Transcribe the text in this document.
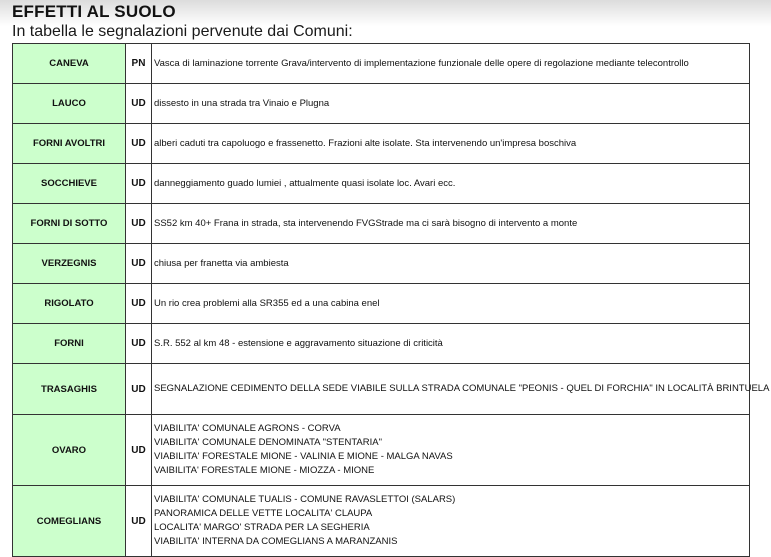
EFFETTI AL SUOLO
In tabella le segnalazioni pervenute dai Comuni:
CANEVA	PN	Vasca di laminazione torrente Grava/intervento di implementazione funzionale delle opere di regolazione mediante telecontrollo

LAUCO	UD	dissesto in una strada tra Vinaio e Plugna

FORNI AVOLTRI	UD	alberi caduti tra capoluogo e frassenetto. Frazioni alte isolate. Sta intervenendo un'impresa boschiva

SOCCHIEVE	UD	danneggiamento guado lumiei , attualmente quasi isolate loc. Avari ecc.

FORNI DI SOTTO	UD	SS52 km 40+ Frana in strada, sta intervenendo FVGStrade ma ci sarà bisogno di intervento a monte

VERZEGNIS	UD	chiusa per franetta via ambiesta

RIGOLATO	UD	Un rio crea problemi alla SR355 ed a una cabina enel

FORNI	UD	S.R. 552 al km 48 - estensione e aggravamento situazione di criticità

TRASAGHIS	UD	SEGNALAZIONE CEDIMENTO DELLA SEDE VIABILE SULLA STRADA COMUNALE "PEONIS - QUEL DI FORCHIA" IN LOCALITÀ BRINTUELA

OVARO	UD	VIABILITA' COMUNALE AGRONS - CORVA
VIABILITA' COMUNALE DENOMINATA "STENTARIA"
VIABILITA' FORESTALE MIONE - VALINIA E MIONE - MALGA NAVAS
VAIBILITA' FORESTALE MIONE - MIOZZA - MIONE

COMEGLIANS	UD	VIABILITA' COMUNALE TUALIS - COMUNE RAVASLETTOI (SALARS)
PANORAMICA DELLE VETTE LOCALITA' CLAUPA
LOCALITA' MARGO' STRADA PER LA SEGHERIA
VIABILITA' INTERNA DA COMEGLIANS A MARANZANIS
